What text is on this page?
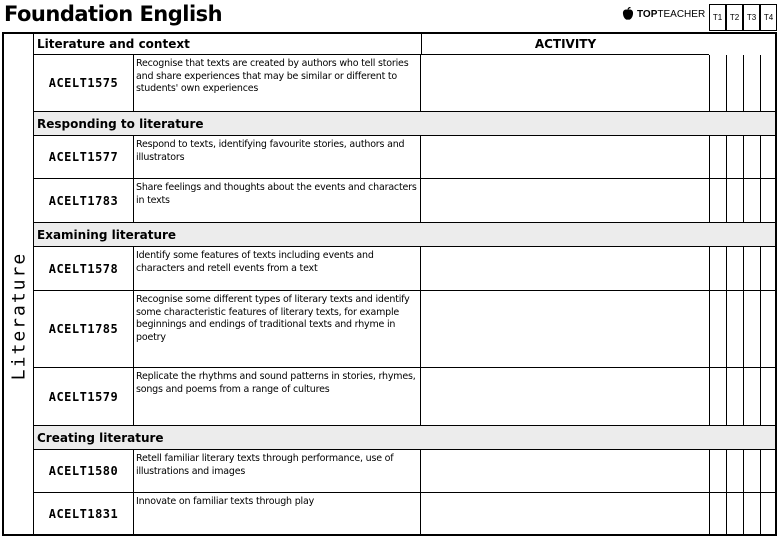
Foundation English	TOP TEACHER T1 T2 T3 T4
Literature
ACTIVITY
Literature and context
ACELT1575
Recognise that texts are created by authors who tell stories and share experiences that may be similar or different to students' own experiences
Responding to literature
ACELT1577
Respond to texts, identifying favourite stories, authors and illustrators
ACELT1783
Share feelings and thoughts about the events and characters in texts
Examining literature
ACELT1578
Identify some features of texts including events and characters and retell events from a text
ACELT1785
Recognise some different types of literary texts and identify some characteristic features of literary texts, for example beginnings and endings of traditional texts and rhyme in poetry
ACELT1579
Replicate the rhythms and sound patterns in stories, rhymes, songs and poems from a range of cultures
Creating literature
ACELT1580
Retell familiar literary texts through performance, use of illustrations and images
ACELT1831
Innovate on familiar texts through play
